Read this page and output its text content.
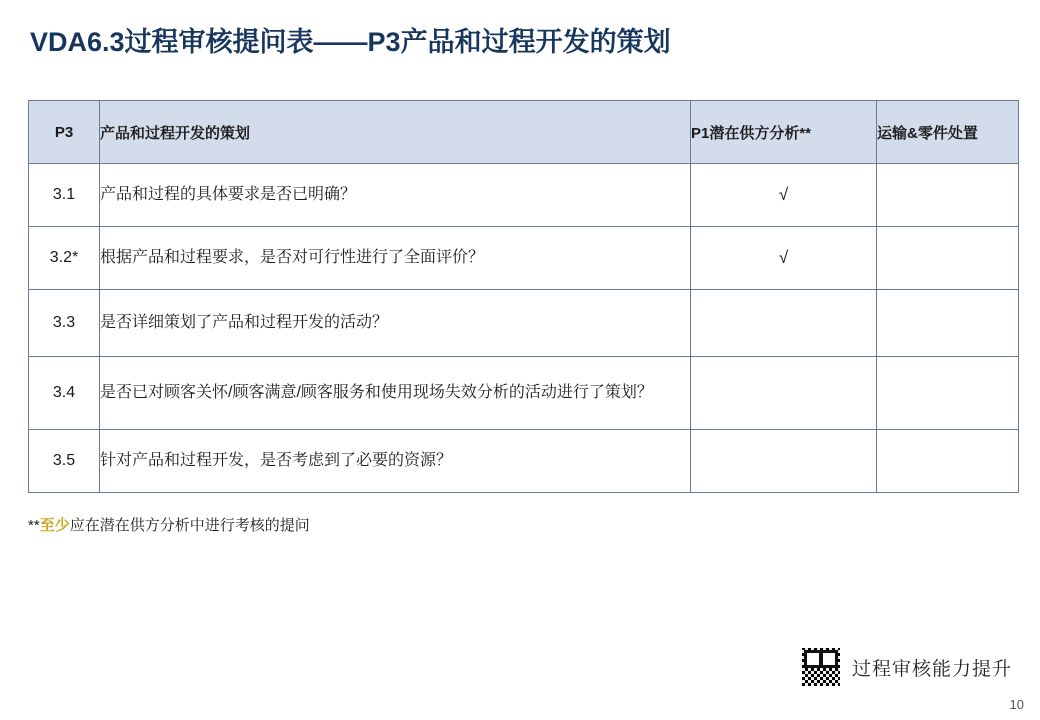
VDA6.3过程审核提问表——P3产品和过程开发的策划
P3	产品和过程开发的策划	P1潜在供方分析**	运输&零件处置
3.1	产品和过程的具体要求是否已明确？	√	
3.2*	根据产品和过程要求，是否对可行性进行了全面评价？	√	
3.3	是否详细策划了产品和过程开发的活动？		
3.4	是否已对顾客关怀/顾客满意/顾客服务和使用现场失效分析的活动进行了策划？		
3.5	针对产品和过程开发，是否考虑到了必要的资源？		
**至少应在潜在供方分析中进行考核的提问
过程审核能力提升
10
